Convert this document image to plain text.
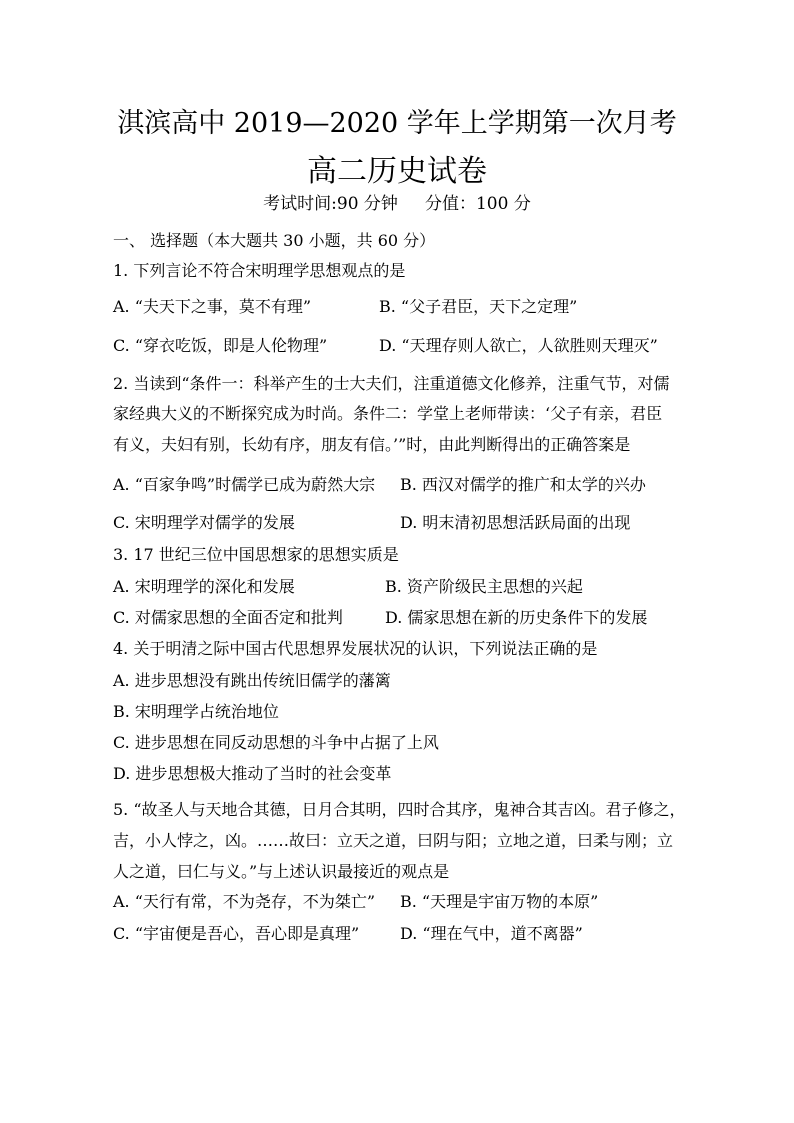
淇滨高中 2019—2020 学年上学期第一次月考
高二历史试卷
考试时间:90 分钟 分值：100 分
一、 选择题（本大题共 30 小题，共 60 分）
1. 下列言论不符合宋明理学思想观点的是
A. “夫天下之事，莫不有理”	B. “父子君臣，天下之定理”
C. “穿衣吃饭，即是人伦物理”	D. “天理存则人欲亡，人欲胜则天理灭”
2. 当读到“条件一：科举产生的士大夫们，注重道德文化修养，注重气节，对儒
家经典大义的不断探究成为时尚。条件二：学堂上老师带读：‘父子有亲，君臣
有义，夫妇有别，长幼有序，朋友有信。’”时，由此判断得出的正确答案是
A. “百家争鸣”时儒学已成为蔚然大宗 B. 西汉对儒学的推广和太学的兴办
C. 宋明理学对儒学的发展	D. 明末清初思想活跃局面的出现
3. 17 世纪三位中国思想家的思想实质是
A. 宋明理学的深化和发展	B. 资产阶级民主思想的兴起
C. 对儒家思想的全面否定和批判	D. 儒家思想在新的历史条件下的发展
4. 关于明清之际中国古代思想界发展状况的认识，下列说法正确的是
A. 进步思想没有跳出传统旧儒学的藩篱
B. 宋明理学占统治地位
C. 进步思想在同反动思想的斗争中占据了上风
D. 进步思想极大推动了当时的社会变革
5. “故圣人与天地合其德，日月合其明，四时合其序，鬼神合其吉凶。君子修之，
吉，小人悖之，凶。……故曰：立天之道，曰阴与阳；立地之道，曰柔与刚；立
人之道，曰仁与义。”与上述认识最接近的观点是
A. “天行有常，不为尧存，不为桀亡” B. “天理是宇宙万物的本原”
C. “宇宙便是吾心，吾心即是真理”	D. “理在气中，道不离器”
